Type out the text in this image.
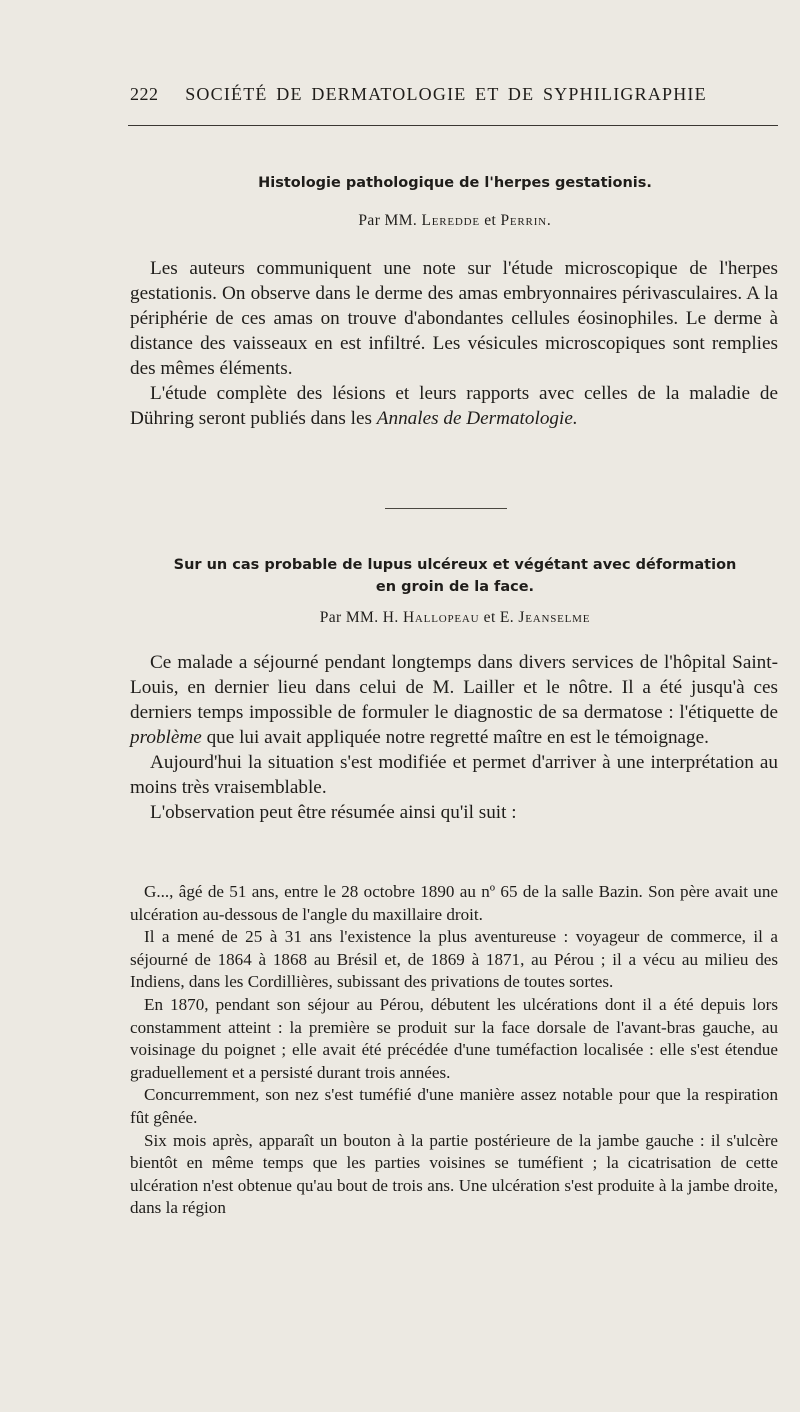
222 SOCIÉTÉ DE DERMATOLOGIE ET DE SYPHILIGRAPHIE
Histologie pathologique de l'herpes gestationis.
Par MM. Leredde et Perrin.

Les auteurs communiquent une note sur l'étude microscopique de l'herpes gestationis. On observe dans le derme des amas embryonnaires périvasculaires. A la périphérie de ces amas on trouve d'abondantes cellules éosinophiles. Le derme à distance des vaisseaux en est infiltré. Les vésicules microscopiques sont remplies des mêmes éléments.

L'étude complète des lésions et leurs rapports avec celles de la maladie de Dühring seront publiés dans les Annales de Dermatologie.

Sur un cas probable de lupus ulcéreux et végétant avec déformation
en groin de la face.
Par MM. H. Hallopeau et E. Jeanselme

Ce malade a séjourné pendant longtemps dans divers services de l'hôpital Saint-Louis, en dernier lieu dans celui de M. Lailler et le nôtre. Il a été jusqu'à ces derniers temps impossible de formuler le diagnostic de sa dermatose : l'étiquette de problème que lui avait appliquée notre regretté maître en est le témoignage.

Aujourd'hui la situation s'est modifiée et permet d'arriver à une interprétation au moins très vraisemblable.

L'observation peut être résumée ainsi qu'il suit :

G..., âgé de 51 ans, entre le 28 octobre 1890 au nº 65 de la salle Bazin. Son père avait une ulcération au-dessous de l'angle du maxillaire droit.

Il a mené de 25 à 31 ans l'existence la plus aventureuse : voyageur de commerce, il a séjourné de 1864 à 1868 au Brésil et, de 1869 à 1871, au Pérou ; il a vécu au milieu des Indiens, dans les Cordillières, subissant des privations de toutes sortes.

En 1870, pendant son séjour au Pérou, débutent les ulcérations dont il a été depuis lors constamment atteint : la première se produit sur la face dorsale de l'avant-bras gauche, au voisinage du poignet ; elle avait été précédée d'une tuméfaction localisée : elle s'est étendue graduellement et a persisté durant trois années.

Concurremment, son nez s'est tuméfié d'une manière assez notable pour que la respiration fût gênée.

Six mois après, apparaît un bouton à la partie postérieure de la jambe gauche : il s'ulcère bientôt en même temps que les parties voisines se tuméfient ; la cicatrisation de cette ulcération n'est obtenue qu'au bout de trois ans. Une ulcération s'est produite à la jambe droite, dans la région
